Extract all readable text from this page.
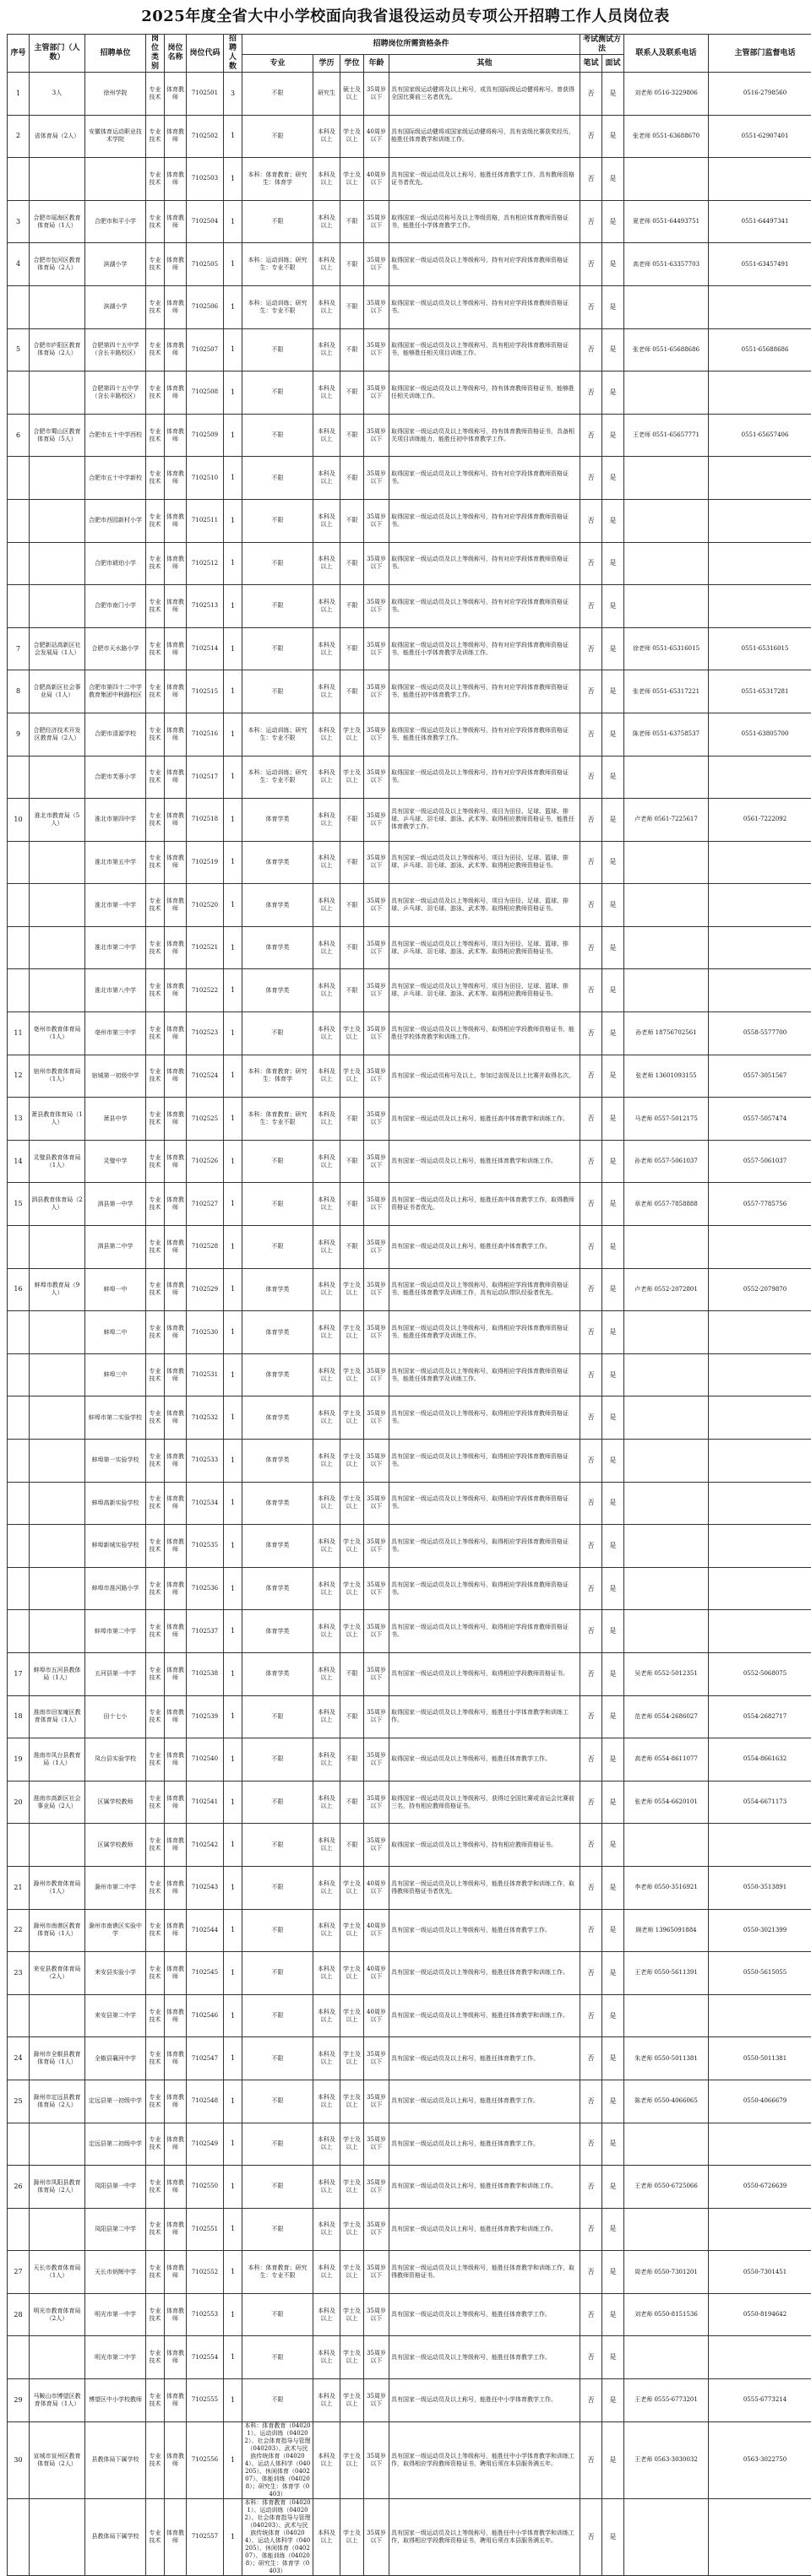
2025年度全省大中小学校面向我省退役运动员专项公开招聘工作人员岗位表
序号	主管部门（人数）	招聘单位	岗位类别	岗位名称	岗位代码	招聘人数	招聘岗位所需资格条件					考试测试方法		联系人及联系电话	主管部门监督电话
							专业	学历	学位	年龄	其他	笔试	面试		
1	3人	徐州学院	专业技术	体育教师	7102501	3	不限	研究生	硕士及以上	35周岁以下	具有国家级运动健将及以上称号，或具有国际级运动健将称号。曾获得全国比赛前三名者优先。	否	是	刘老师 0516-3229806	0516-2798560
2	省体育局（2人）	安徽体育运动职业技术学院	专业技术	体育教师	7102502	1	不限	本科及以上	学士及以上	40周岁以下	具有国际级运动健将或国家级运动健将称号，具有省级比赛获奖经历，能胜任体育教学和训练工作。	否	是	张老师 0551-63688670	0551-62907401
			专业技术	体育教师	7102503	1	本科：体育教育；研究生：体育学	本科及以上	学士及以上	40周岁以下	具有国家一级运动员及以上称号，能胜任体育教学工作，具有教师资格证书者优先。	否	是		
3	合肥市瑶海区教育体育局（1人）	合肥市和平小学	专业技术	体育教师	7102504	1	不限	本科及以上	不限	35周岁以下	取得国家一级运动员称号及以上等级资格，具有相应体育教师资格证书，能胜任小学体育教学工作。	否	是	夏老师 0551-64493751	0551-64497341
4	合肥市包河区教育体育局（2人）	滨湖小学	专业技术	体育教师	7102505	1	本科：运动训练；研究生：专业不限	本科及以上	不限	35周岁以下	取得国家一级运动员及以上等级称号，持有对应学段体育教师资格证书。	否	是	高老师 0551-63357703	0551-63457491
		滨湖小学	专业技术	体育教师	7102506	1	本科：运动训练；研究生：专业不限	本科及以上	不限	35周岁以下	取得国家一级运动员及以上等级称号，持有对应学段体育教师资格证书。	否	是		
5	合肥市庐阳区教育体育局（2人）	合肥第四十五中学（含长丰路校区）	专业技术	体育教师	7102507	1	不限	本科及以上	不限	35周岁以下	取得国家一级运动员及以上等级称号，具有相应学段体育教师资格证书，能够胜任相关项目训练工作。	否	是	张老师 0551-65688686	0551-65688686
		合肥第四十五中学（含长丰路校区）	专业技术	体育教师	7102508	1	不限	本科及以上	不限	35周岁以下	取得国家一级运动员及以上等级称号，持有体育教师资格证书，能够胜任相关训练工作。	否	是		
6	合肥市蜀山区教育体育局（5人）	合肥市五十中学西校	专业技术	体育教师	7102509	1	不限	本科及以上	不限	35周岁以下	取得国家一级运动员及以上等级称号，持有体育教师资格证书，具备相关项目训练能力，能胜任初中体育教学工作。	否	是	王老师 0551-65657771	0551-65657406
		合肥市五十中学新校	专业技术	体育教师	7102510	1	不限	本科及以上	不限	35周岁以下	取得国家一级运动员及以上等级称号，持有对应学段体育教师资格证书。	否	是		
		合肥市西园新村小学	专业技术	体育教师	7102511	1	不限	本科及以上	不限	35周岁以下	取得国家一级运动员及以上等级称号，持有对应学段体育教师资格证书。	否	是		
		合肥市琥珀小学	专业技术	体育教师	7102512	1	不限	本科及以上	不限	35周岁以下	取得国家一级运动员及以上等级称号，持有对应学段体育教师资格证书。	否	是		
		合肥市南门小学	专业技术	体育教师	7102513	1	不限	本科及以上	不限	35周岁以下	取得国家一级运动员及以上等级称号，持有对应学段体育教师资格证书。	否	是		
7	合肥新站高新区社会发展局（1人）	合肥市天水路小学	专业技术	体育教师	7102514	1	不限	本科及以上	不限	35周岁以下	取得国家一级运动员及以上等级称号，持有对应学段体育教师资格证书，能胜任小学体育教学及训练工作。	否	是	徐老师 0551-65316015	0551-65316015
8	合肥高新区社会事业局（1人）	合肥市第四十二中学教育集团中秋路校区	专业技术	体育教师	7102515	1	不限	本科及以上	不限	35周岁以下	取得国家一级运动员及以上等级称号，持有对应学段体育教师资格证书，能胜任初中体育教学工作。	否	是	张老师 0551-65317221	0551-65317281
9	合肥经济技术开发区教育局（2人）	合肥市清源学校	专业技术	体育教师	7102516	1	本科：运动训练；研究生：专业不限	本科及以上	学士及以上	35周岁以下	取得国家一级运动员及以上等级称号，持有对应学段体育教师资格证书，能胜任体育教学工作。	否	是	陈老师 0551-63758537	0551-63805700
		合肥市芙蓉小学	专业技术	体育教师	7102517	1	本科：运动训练；研究生：专业不限	本科及以上	学士及以上	35周岁以下	取得国家一级运动员及以上等级称号，持有对应学段体育教师资格证书。	否	是		
10	淮北市教育局（5人）	淮北市第四中学	专业技术	体育教师	7102518	1	体育学类	本科及以上	不限	35周岁以下	具有国家一级运动员及以上等级称号，项目为田径、足球、篮球、排球、乒乓球、羽毛球、游泳、武术等。取得相应教师资格证书，能胜任体育教学工作。	否	是	卢老师 0561-7225617	0561-7222092
		淮北市第五中学	专业技术	体育教师	7102519	1	体育学类	本科及以上	不限	35周岁以下	具有国家一级运动员及以上等级称号，项目为田径、足球、篮球、排球、乒乓球、羽毛球、游泳、武术等。取得相应教师资格证书。	否	是		
		淮北市第一中学	专业技术	体育教师	7102520	1	体育学类	本科及以上	不限	35周岁以下	具有国家一级运动员及以上等级称号，项目为田径、足球、篮球、排球、乒乓球、羽毛球、游泳、武术等。取得相应教师资格证书。	否	是		
		淮北市第二中学	专业技术	体育教师	7102521	1	体育学类	本科及以上	不限	35周岁以下	具有国家一级运动员及以上等级称号，项目为田径、足球、篮球、排球、乒乓球、羽毛球、游泳、武术等。取得相应教师资格证书。	否	是		
		淮北市第八中学	专业技术	体育教师	7102522	1	体育学类	本科及以上	不限	35周岁以下	具有国家一级运动员及以上等级称号，项目为田径、足球、篮球、排球、乒乓球、羽毛球、游泳、武术等。取得相应教师资格证书。	否	是		
11	亳州市教育体育局（1人）	亳州市第三中学	专业技术	体育教师	7102523	1	不限	本科及以上	学士及以上	35周岁以下	具有国家一级运动员及以上等级称号，取得相应学段教师资格证书，能胜任学校体育教学和训练工作。	否	是	孙老师 18756702561	0558-5577700
12	宿州市教育体育局（1人）	宿城第一初级中学	专业技术	体育教师	7102524	1	本科：体育教育；研究生：体育学	本科及以上	学士及以上	35周岁以下	具有国家一级运动员称号及以上，参加过省级及以上比赛并取得名次。	否	是	张老师 13601093155	0557-3051567
13	萧县教育体育局（1人）	萧县中学	专业技术	体育教师	7102525	1	本科：体育教育；研究生：专业不限	本科及以上	不限	35周岁以下	具有国家一级运动员及以上称号，能胜任高中体育教学和训练工作。	否	是	马老师 0557-5012175	0557-5057474
14	灵璧县教育体育局（1人）	灵璧中学	专业技术	体育教师	7102526	1	不限	本科及以上	不限	35周岁以下	具有国家一级运动员及以上称号，能胜任体育教学和训练工作。	否	是	孙老师 0557-5061037	0557-5061037
15	泗县教育体育局（2人）	泗县第一中学	专业技术	体育教师	7102527	1	不限	本科及以上	不限	35周岁以下	具有国家一级运动员及以上称号，能胜任高中体育教学工作，取得教师资格证书者优先。	否	是	章老师 0557-7858888	0557-7785756
		泗县第二中学	专业技术	体育教师	7102528	1	不限	本科及以上	不限	35周岁以下	具有国家一级运动员及以上称号，能胜任高中体育教学工作。	否	是		
16	蚌埠市教育局（9人）	蚌埠一中	专业技术	体育教师	7102529	1	体育学类	本科及以上	学士及以上	35周岁以下	具有国家一级运动员及以上等级称号，取得相应学段体育教师资格证书，能胜任体育教学及训练工作，具有运动队带队经验者优先。	否	是	卢老师 0552-2072801	0552-2079870
		蚌埠二中	专业技术	体育教师	7102530	1	体育学类	本科及以上	学士及以上	35周岁以下	具有国家一级运动员及以上等级称号，取得相应学段体育教师资格证书，能胜任体育教学及训练工作。	否	是		
		蚌埠三中	专业技术	体育教师	7102531	1	体育学类	本科及以上	学士及以上	35周岁以下	具有国家一级运动员及以上等级称号，取得相应学段体育教师资格证书，能胜任体育教学及训练工作。	否	是		
		蚌埠市第二实验学校	专业技术	体育教师	7102532	1	体育学类	本科及以上	学士及以上	35周岁以下	具有国家一级运动员及以上等级称号，取得相应学段体育教师资格证书。	否	是		
		蚌埠第一实验学校	专业技术	体育教师	7102533	1	体育学类	本科及以上	学士及以上	35周岁以下	具有国家一级运动员及以上等级称号，取得相应学段体育教师资格证书。	否	是		
		蚌埠高新实验学校	专业技术	体育教师	7102534	1	体育学类	本科及以上	学士及以上	35周岁以下	具有国家一级运动员及以上等级称号，取得相应学段体育教师资格证书。	否	是		
		蚌埠新城实验学校	专业技术	体育教师	7102535	1	体育学类	本科及以上	学士及以上	35周岁以下	具有国家一级运动员及以上等级称号，取得相应学段体育教师资格证书。	否	是		
		蚌埠市淮河路小学	专业技术	体育教师	7102536	1	体育学类	本科及以上	学士及以上	35周岁以下	具有国家一级运动员及以上等级称号，取得相应学段体育教师资格证书。	否	是		
		蚌埠市第二中学	专业技术	体育教师	7102537	1	体育学类	本科及以上	学士及以上	35周岁以下	具有国家一级运动员及以上等级称号，取得相应学段体育教师资格证书。	否	是		
17	蚌埠市五河县教体局（1人）	五河县第一中学	专业技术	体育教师	7102538	1	体育学类	本科及以上	不限	35周岁以下	具有国家一级运动员及以上等级称号，取得相应学段教师资格证书。	否	是	吴老师 0552-5012351	0552-5068075
18	淮南市田家庵区教育体育局（1人）	田十七小	专业技术	体育教师	7102539	1	不限	本科及以上	不限	35周岁以下	取得国家一级运动员及以上等级称号，能胜任小学体育教学和训练工作。	否	是	范老师 0554-2686027	0554-2682717
19	淮南市凤台县教育局（1人）	凤台县实验学校	专业技术	体育教师	7102540	1	不限	本科及以上	不限	35周岁以下	取得国家一级运动员及以上等级称号，能胜任体育教学工作。	否	是	高老师 0554-8611077	0554-8661632
20	淮南市高新区社会事业局（2人）	区属学校教师	专业技术	体育教师	7102541	1	不限	本科及以上	不限	35周岁以下	取得国家一级运动员及以上等级称号，获得过全国比赛或省运会比赛前三名，持有相应教师资格证书。	否	是	张老师 0554-6620101	0554-6671173
		区属学校教师	专业技术	体育教师	7102542	1	不限	本科及以上	不限	35周岁以下	取得国家一级运动员及以上等级称号，持有相应教师资格证书。	否	是		
21	滁州市教育体育局（1人）	滁州市第二中学	专业技术	体育教师	7102543	1	不限	本科及以上	学士及以上	40周岁以下	具有国家一级运动员及以上等级称号，能胜任体育教学和训练工作，取得教师资格证书者优先。	否	是	李老师 0550-3516921	0550-3513891
22	滁州市南谯区教育体育局（1人）	滁州市南谯区实验中学	专业技术	体育教师	7102544	1	不限	本科及以上	学士及以上	40周岁以下	具有国家一级运动员及以上等级称号，能胜任体育教学工作。	否	是	顾老师 13965091884	0550-3021399
23	来安县教育体育局（2人）	来安县实验小学	专业技术	体育教师	7102545	1	不限	本科及以上	学士及以上	40周岁以下	具有国家一级运动员及以上等级称号，能胜任体育教学和训练工作。	否	是	王老师 0550-5611391	0550-5615055
		来安县第二中学	专业技术	体育教师	7102546	1	不限	本科及以上	学士及以上	40周岁以下	具有国家一级运动员及以上等级称号，能胜任体育教学和训练工作。	否	是		
24	滁州市全椒县教育体育局（1人）	全椒县襄河中学	专业技术	体育教师	7102547	1	不限	本科及以上	学士及以上	35周岁以下	具有国家一级运动员及以上称号，能胜任体育教学工作。	否	是	朱老师 0550-5011381	0550-5011381
25	滁州市定远县教育体育局（2人）	定远县第一初级中学	专业技术	体育教师	7102548	1	不限	本科及以上	学士及以上	35周岁以下	具有国家一级运动员及以上称号，能胜任体育教学工作。	否	是	陈老师 0550-4066065	0550-4066679
		定远县第二初级中学	专业技术	体育教师	7102549	1	不限	本科及以上	学士及以上	35周岁以下	具有国家一级运动员及以上称号，能胜任体育教学工作。	否	是		
26	滁州市凤阳县教育体育局（2人）	凤阳县第一中学	专业技术	体育教师	7102550	1	不限	本科及以上	学士及以上	35周岁以下	具有国家一级运动员及以上称号，能胜任体育教学和训练工作。	否	是	王老师 0550-6725066	0550-6726639
		凤阳县第二中学	专业技术	体育教师	7102551	1	不限	本科及以上	学士及以上	35周岁以下	具有国家一级运动员及以上称号，能胜任体育教学和训练工作。	否	是		
27	天长市教育体育局（1人）	天长市炳辉中学	专业技术	体育教师	7102552	1	本科：体育教育；研究生：专业不限	本科及以上	学士及以上	35周岁以下	具有国家一级运动员及以上等级称号，能胜任体育教学和训练工作，取得教师资格证书。	否	是	周老师 0550-7301201	0550-7301451
28	明光市教育体育局（2人）	明光市第一中学	专业技术	体育教师	7102553	1	不限	本科及以上	学士及以上	35周岁以下	具有国家一级运动员及以上等级称号，能胜任体育教学工作。	否	是	刘老师 0550-8151536	0550-8194642
		明光市第二中学	专业技术	体育教师	7102554	1	不限	本科及以上	学士及以上	35周岁以下	具有国家一级运动员及以上等级称号，能胜任体育教学工作。	否	是		
29	马鞍山市博望区教育体育局（1人）	博望区中小学校教师	专业技术	体育教师	7102555	1	不限	本科及以上	学士及以上	35周岁以下	具有国家一级运动员及以上称号，能胜任中小学体育教学工作。	否	是	王老师 0555-6773201	0555-6773214
30	宣城市宣州区教育体育局（2人）	县教体局下属学校	专业技术	体育教师	7102556	1	本科：体育教育（040201）、运动训练（040202）、社会体育指导与管理（040203）、武术与民族传统体育（040204）、运动人体科学（040205）、休闲体育（040207）、体能训练（040208）；研究生：体育学（0403）	本科及以上	学士及以上	35周岁以下	具有国家一级运动员及以上等级称号，能胜任中小学体育教学和训练工作，取得相应学段教师资格证书，聘用后须在本县服务满五年。	否	是	王老师 0563-3030032	0563-3022750
		县教体局下属学校	专业技术	体育教师	7102557	1	本科：体育教育（040201）、运动训练（040202）、社会体育指导与管理（040203）、武术与民族传统体育（040204）、运动人体科学（040205）、休闲体育（040207）、体能训练（040208）；研究生：体育学（0403）	本科及以上	学士及以上	35周岁以下	具有国家一级运动员及以上等级称号，能胜任中小学体育教学和训练工作，取得相应学段教师资格证书，聘用后须在本县服务满五年。	否	是		
